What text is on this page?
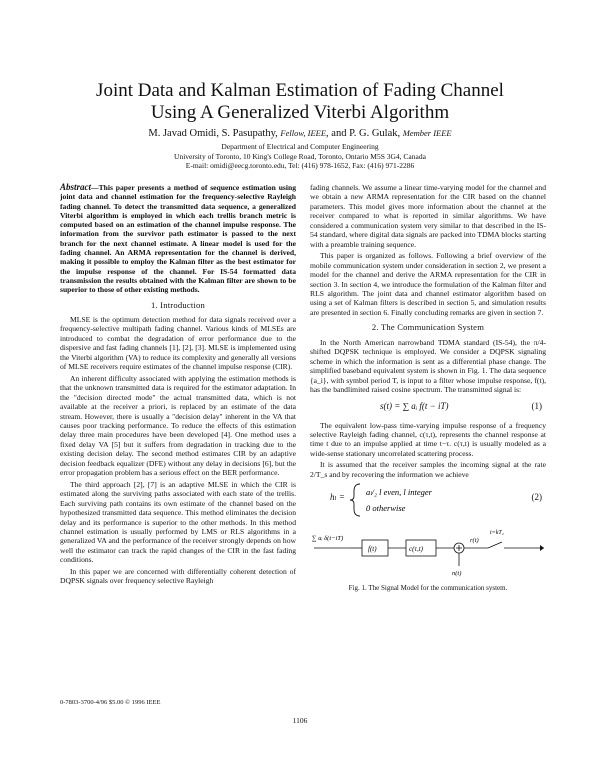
Joint Data and Kalman Estimation of Fading Channel
Using A Generalized Viterbi Algorithm
M. Javad Omidi, S. Pasupathy, Fellow, IEEE, and P. G. Gulak, Member IEEE
Department of Electrical and Computer Engineering
University of Toronto, 10 King's College Road, Toronto, Ontario M5S 3G4, Canada
E-mail: omidi@eecg.toronto.edu, Tel: (416) 978-1652, Fax: (416) 971-2286

Abstract—This paper presents a method of sequence estimation using joint data and channel estimation for the frequency-selective Rayleigh fading channel. To detect the transmitted data sequence, a generalized Viterbi algorithm is employed in which each trellis branch metric is computed based on an estimation of the channel impulse response. The information from the survivor path estimator is passed to the next branch for the next channel estimate. A linear model is used for the fading channel. An ARMA representation for the channel is derived, making it possible to employ the Kalman filter as the best estimator for the impulse response of the channel. For IS-54 formatted data transmission the results obtained with the Kalman filter are shown to be superior to those of other existing methods.

1. Introduction

MLSE is the optimum detection method for data signals received over a frequency-selective multipath fading channel. Various kinds of MLSEs are introduced to combat the degradation of error performance due to the dispersive and fast fading channels [1], [2], [3]. MLSE is implemented using the Viterbi algorithm (VA) to reduce its complexity and generally all versions of MLSE receivers require estimates of the channel impulse response (CIR).

An inherent difficulty associated with applying the estimation methods is that the unknown transmitted data is required for the estimator adaptation. In the "decision directed mode" the actual transmitted data, which is not available at the receiver a priori, is replaced by an estimate of the data stream. However, there is usually a "decision delay" inherent in the VA that causes poor tracking performance. To reduce the effects of this estimation delay three main procedures have been developed [4]. One method uses a fixed delay VA [5] but it suffers from degradation in tracking due to the existing decision delay. The second method estimates CIR by an adaptive decision feedback equalizer (DFE) without any delay in decisions [6], but the error propagation problem has a serious effect on the BER performance.

The third approach [2], [7] is an adaptive MLSE in which the CIR is estimated along the surviving paths associated with each state of the trellis. Each surviving path contains its own estimate of the channel based on the hypothesized transmitted data sequence. This method eliminates the decision delay and its performance is superior to the other methods. In this method channel estimation is usually performed by LMS or RLS algorithms in a generalized VA and the performance of the receiver strongly depends on how well the estimator can track the rapid changes of the CIR in the fast fading conditions.

In this paper we are concerned with differentially coherent detection of DQPSK signals over frequency selective Rayleigh

fading channels. We assume a linear time-varying model for the channel and we obtain a new ARMA representation for the CIR based on the channel parameters. This model gives more information about the channel at the receiver compared to what is reported in similar algorithms. We have considered a communication system very similar to that described in the IS-54 standard, where digital data signals are packed into TDMA blocks starting with a preamble training sequence.

This paper is organized as follows. Following a brief overview of the mobile communication system under consideration in section 2, we present a model for the channel and derive the ARMA representation for the CIR in section 3. In section 4, we introduce the formulation of the Kalman filter and RLS algorithm. The joint data and channel estimator algorithm based on using a set of Kalman filters is described in section 5, and simulation results are presented in section 6. Finally concluding remarks are given in section 7.

2. The Communication System

In the North American narrowband TDMA standard (IS-54), the π/4-shifted DQPSK technique is employed. We consider a DQPSK signaling scheme in which the information is sent as a differential phase change. The simplified baseband equivalent system is shown in Fig. 1. The data sequence {a_i}, with symbol period T, is input to a filter whose impulse response, f(t), has the bandlimited raised cosine spectrum. The transmitted signal is:

s(t) = ∑ aᵢ f(t − iT)	(1)

The equivalent low-pass time-varying impulse response of a frequency selective Rayleigh fading channel, c(τ,t), represents the channel response at time t due to an impulse applied at time t−τ. c(τ,t) is usually modeled as a wide-sense stationary uncorrelated scattering process.

It is assumed that the receiver samples the incoming signal at the rate 2/T_s and by recovering the information we achieve

hₗ = aₗ/₂ l even, l integer
0 otherwise
(2)
∑ aᵢ δ(t−iT)
f(t)	c(τ,t)
n(t)
r(t)
t=kT₂
Fig. 1. The Signal Model for the communication system.
0-7803-3700-4/96 $5.00 © 1996 IEEE
1106
